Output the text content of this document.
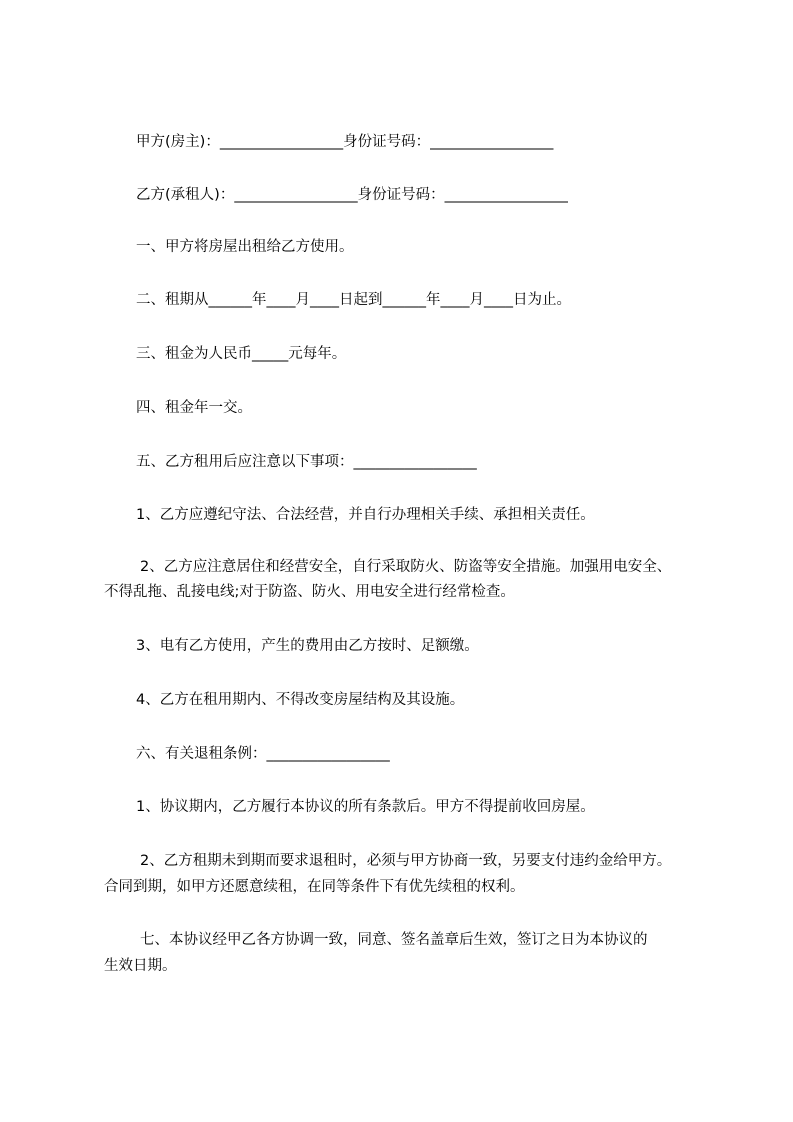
甲方(房主)：_________________身份证号码：_________________
乙方(承租人)：_________________身份证号码：_________________
一、甲方将房屋出租给乙方使用。
二、租期从______年____月____日起到______年____月____日为止。
三、租金为人民币_____元每年。
四、租金年一交。
五、乙方租用后应注意以下事项：_________________
1、乙方应遵纪守法、合法经营，并自行办理相关手续、承担相关责任。
2、乙方应注意居住和经营安全，自行采取防火、防盗等安全措施。加强用电安全、
不得乱拖、乱接电线;对于防盗、防火、用电安全进行经常检查。
3、电有乙方使用，产生的费用由乙方按时、足额缴。
4、乙方在租用期内、不得改变房屋结构及其设施。
六、有关退租条例：_________________
1、协议期内，乙方履行本协议的所有条款后。甲方不得提前收回房屋。
2、乙方租期未到期而要求退租时，必须与甲方协商一致，另要支付违约金给甲方。
合同到期，如甲方还愿意续租，在同等条件下有优先续租的权利。
七、本协议经甲乙各方协调一致，同意、签名盖章后生效，签订之日为本协议的
生效日期。
